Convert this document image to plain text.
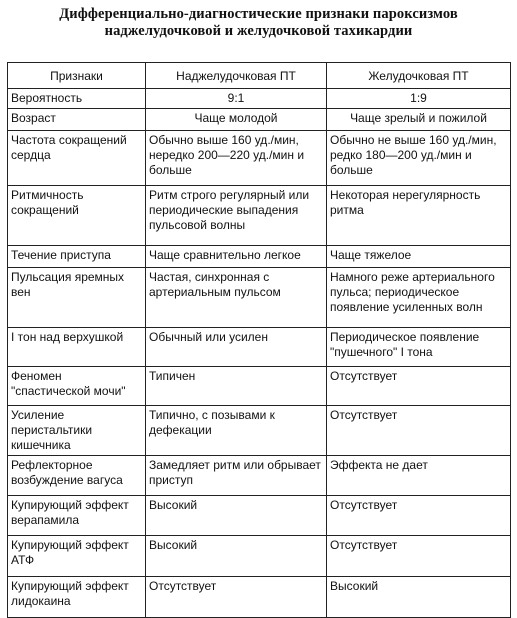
Дифференциально-диагностические признаки пароксизмов
наджелудочковой и желудочковой тахикардии
Признаки	Наджелудочковая ПТ	Желудочковая ПТ
Вероятность	9:1	1:9
Возраст	Чаще молодой	Чаще зрелый и пожилой
Частота сокращений сердца	Обычно выше 160 уд./мин, нередко 200—220 уд./мин и больше	Обычно не выше 160 уд./мин, редко 180—200 уд./мин и больше
Ритмичность сокращений	Ритм строго регулярный или периодические выпадения пульсовой волны	Некоторая нерегулярность ритма
Течение приступа	Чаще сравнительно легкое	Чаще тяжелое
Пульсация яремных вен	Частая, синхронная с артериальным пульсом	Намного реже артериального пульса; периодическое появление усиленных волн
I тон над верхушкой	Обычный или усилен	Периодическое появление "пушечного" I тона
Феномен "спастической мочи"	Типичен	Отсутствует
Усиление перистальтики кишечника	Типично, с позывами к дефекации	Отсутствует
Рефлекторное возбуждение вагуса	Замедляет ритм или обрывает приступ	Эффекта не дает
Купирующий эффект верапамила	Высокий	Отсутствует
Купирующий эффект АТФ	Высокий	Отсутствует
Купирующий эффект лидокаина	Отсутствует	Высокий
